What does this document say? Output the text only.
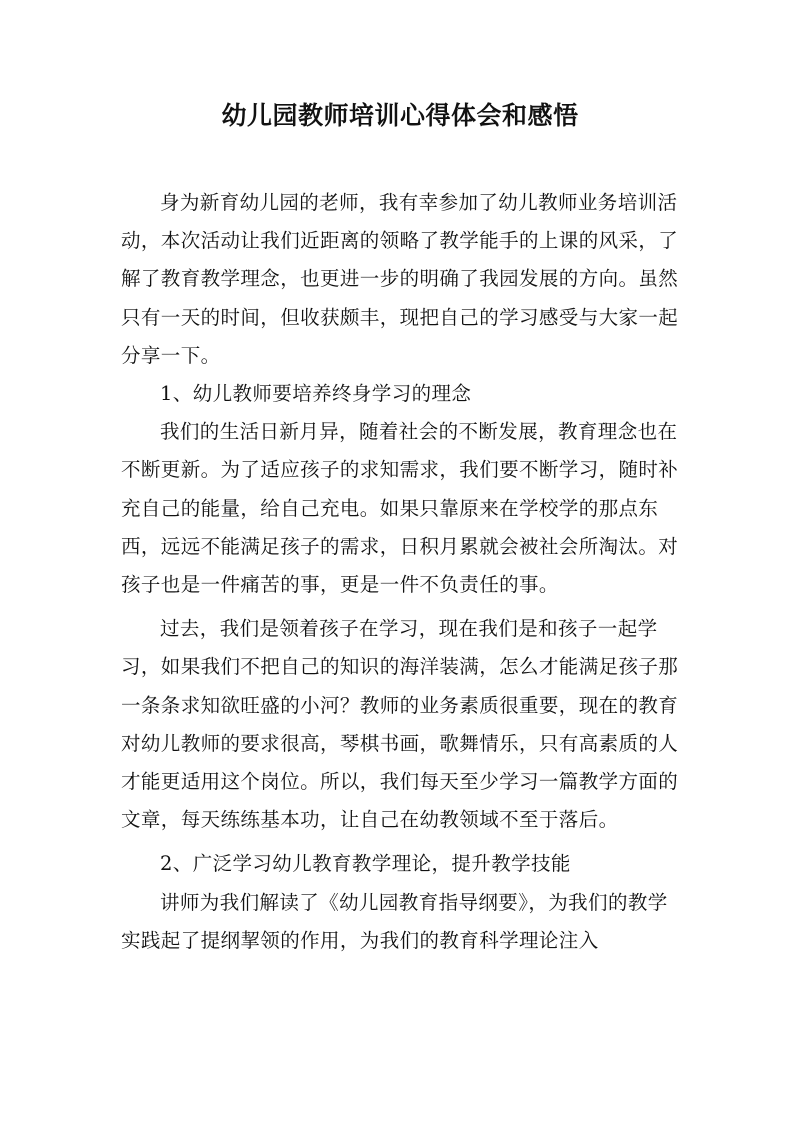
幼儿园教师培训心得体会和感悟

身为新育幼儿园的老师，我有幸参加了幼儿教师业务培训活动，本次活动让我们近距离的领略了教学能手的上课的风采，了解了教育教学理念，也更进一步的明确了我园发展的方向。虽然只有一天的时间，但收获颇丰，现把自己的学习感受与大家一起分享一下。

1、幼儿教师要培养终身学习的理念

我们的生活日新月异，随着社会的不断发展，教育理念也在不断更新。为了适应孩子的求知需求，我们要不断学习，随时补充自己的能量，给自己充电。如果只靠原来在学校学的那点东西，远远不能满足孩子的需求，日积月累就会被社会所淘汰。对孩子也是一件痛苦的事，更是一件不负责任的事。

过去，我们是领着孩子在学习，现在我们是和孩子一起学习，如果我们不把自己的知识的海洋装满，怎么才能满足孩子那一条条求知欲旺盛的小河？教师的业务素质很重要，现在的教育对幼儿教师的要求很高，琴棋书画，歌舞情乐，只有高素质的人才能更适用这个岗位。所以，我们每天至少学习一篇教学方面的文章，每天练练基本功，让自己在幼教领域不至于落后。

2、广泛学习幼儿教育教学理论，提升教学技能

讲师为我们解读了《幼儿园教育指导纲要》，为我们的教学实践起了提纲挈领的作用，为我们的教育科学理论注入
